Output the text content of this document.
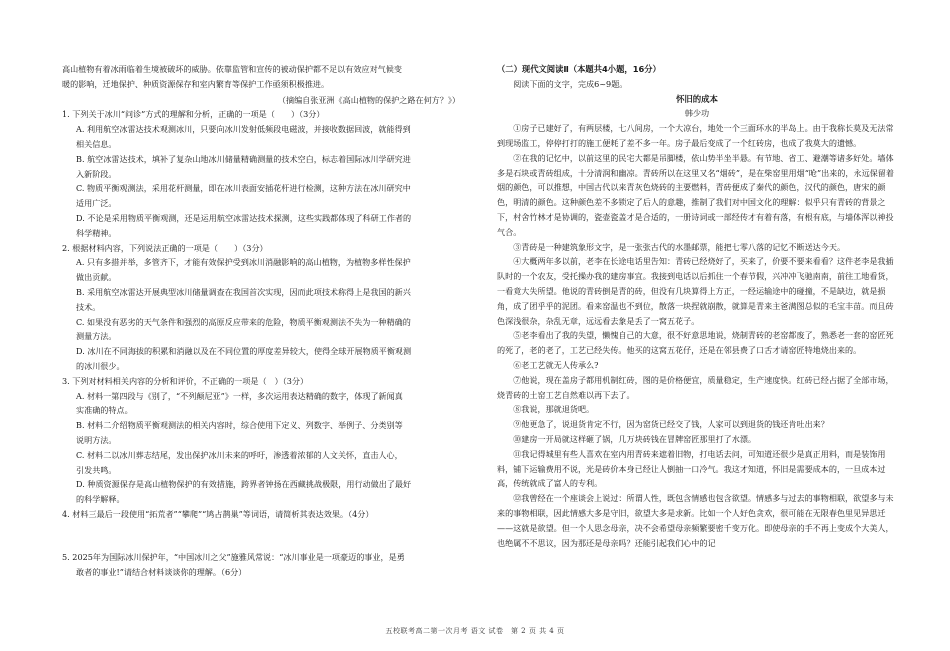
高山植物有着冰雨临着生境被破坏的威胁。依靠监管和宣传的被动保护都不足以有效应对气候变

暖的影响，迁地保护、种质资源保存和室内繁育等保护工作亟须积极推进。

（摘编自张亚洲《高山植物的保护之路在何方？》）

1. 下列关于冰川“问诊”方式的理解和分析，正确的一项是（　　）（3分）

A. 利用航空冰雷达技术观测冰川，只要向冰川发射低频段电磁波，并接收数据回波，就能得到

相关信息。

B. 航空冰雷达技术，填补了复杂山地冰川储量精确测量的技术空白，标志着国际冰川学研究进

入新阶段。

C. 物质平衡观测法，采用花杆测量，即在冰川表面安插花杆进行检测，这种方法在冰川研究中

适用广泛。

D. 不论是采用物质平衡观测，还是运用航空冰雷达技术探测，这些实践都体现了科研工作者的

科学精神。

2. 根据材料内容，下列说法正确的一项是（　　）（3分）

A. 只有多措并举，多管齐下，才能有效保护受到冰川消融影响的高山植物，为植物多样性保护

做出贡献。

B. 采用航空冰雷达开展典型冰川储量调查在我国首次实现，因而此项技术称得上是我国的新兴

技术。

C. 如果没有恶劣的天气条件和强烈的高原反应带来的危险，物质平衡观测法不失为一种精确的

测量方法。

D. 冰川在不同海拔的积累和消融以及在不同位置的厚度差异较大，使得全球开展物质平衡观测

的冰川很少。

3. 下列对材料相关内容的分析和评价，不正确的一项是（　）（3分）

A. 材料一第四段与《别了，“不列颠尼亚”》一样，多次运用表达精确的数字，体现了新闻真

实准确的特点。

B. 材料二介绍物质平衡观测法的相关内容时，综合使用下定义、列数字、举例子、分类别等

说明方法。

C. 材料二以冰川葬志结尾，发出保护冰川未来的呼吁，渗透着浓郁的人文关怀，直击人心，

引发共鸣。

D. 种质资源保存是高山植物保护的有效措施，跨界者钟扬在西藏挑战极限，用行动做出了最好

的科学解释。

4. 材料三最后一段使用“拓荒者”“攀爬”“鸠占鹊巢”等词语，请简析其表达效果。（4分）

5. 2025年为国际冰川保护年，“中国冰川之父”施雅风常说：“冰川事业是一项豪迈的事业，是勇

敢者的事业!”请结合材料谈谈你的理解。（6分）

（二）现代文阅读Ⅱ（本题共4小题，16分）

阅读下面的文字，完成6~9题。

怀旧的成本

韩少功

①房子已建好了，有两层楼，七八间房，一个大凉台，地处一个三面环水的半岛上。由于我称长莫及无法常到现场监工，停停打打的施工便耗了差不多一年。房子最后变成了一个红砖房，也成了我莫大的遗憾。

②在我的记忆中，以前这里的民宅大都是吊脚楼，依山势半坐半悬。有节地、省工、避潮等诸多好处。墙体多是石块或青砖组成，十分清润和幽凉。青砖所以在这里又名“烟砖”，是在柴窑里用烟“呛”出来的，永远保留着烟的颜色，可以推想，中国古代以来青灰色烧砖的主要燃料，青砖便成了秦代的颜色，汉代的颜色，唐宋的颜色，明清的颜色。这种颜色差不多锁定了后人的意趣，推制了我们对中国文化的理解：似乎只有青砖的背景之下，村舍竹林才是协调的，瓷壶瓷盖才是合适的，一册诗词或一部经传才有着有落，有根有底，与墙体浑以神投气合。

③青砖是一种建筑象形文字，是一张张古代的水墨邮票，能把七零八落的记忆不断送达今天。

④大概两年多以前，老李在长途电话里告知：青砖已经烧好了，买来了，价要不要来看看？这件老李是我插队时的一个农友，受托操办我的建房事宜。我接到电话以后抓住一个春节假，兴冲冲飞驰南南，前往工地看货，一看竟大失所望。他说的青砖倒是青的砖，但没有几块算得上方正，一经运输途中的碰撞，不是缺边，就是损角，成了团乎乎的泥团。看来窑温也不到位，散落一块捏就崩散，就算是青来主爸满图总似的毛宝丰苗。而且砖色深浅很杂，杂乱无章，远远看去象是丢了一窝五花子。

⑤老李看出了我的失望，懒愧自己的大意，很不好意思地说，烧制青砖的老窑都废了，熟悉老一套的窑匠死的死了，老的老了，工艺已经失传。他买的这窝五花仔，还是在邻县费了口舌才请窑匠特地烧出来的。

⑥老工艺就无人传承么?

⑦他说，现在盖房子都用机制红砖，图的是价格便宜，质量稳定，生产速度快。红砖已经占据了全部市场，烧青砖的土窑工艺自然难以再下去了。

⑧我说，那就退货吧。

⑨他更急了，说退货肯定不行，因为窑货已经交了钱，人家可以到退货的钱还肯吐出来？

⑩建房一开局就这样砸了锅，几万块砖钱在冒牌窑匠那里打了水漂。

⑪我记得城里有些人喜欢在室内用青砖来遮着旧物，打电话去问，可知道还很少是真正用料，而是装饰用料，铺下运输费用不说，光是砖价本身已经让人倒抽一口冷气。我这才知道，怀旧是需要成本的，一旦成本过高，传统就成了富人的专利。

⑫我曾经在一个座谈会上说过：所谓人性，既包含情感也包含欲望。情感多与过去的事物相联，欲望多与未来的事物相联，因此情感大多是守旧，欲望大多是求新。比如一个人好色贪欢，很可能在无限春色里见异思迁——这就是欲望。但一个人思念母亲，决不会希望母亲频繁要密千变万化。即使母亲的手不再上变成个大美人，也绝属不不思议，因为那还是母亲吗？还能引起我们心中的记

五校联考高二第一次月考 语文 试卷　第 2 页 共 4 页
